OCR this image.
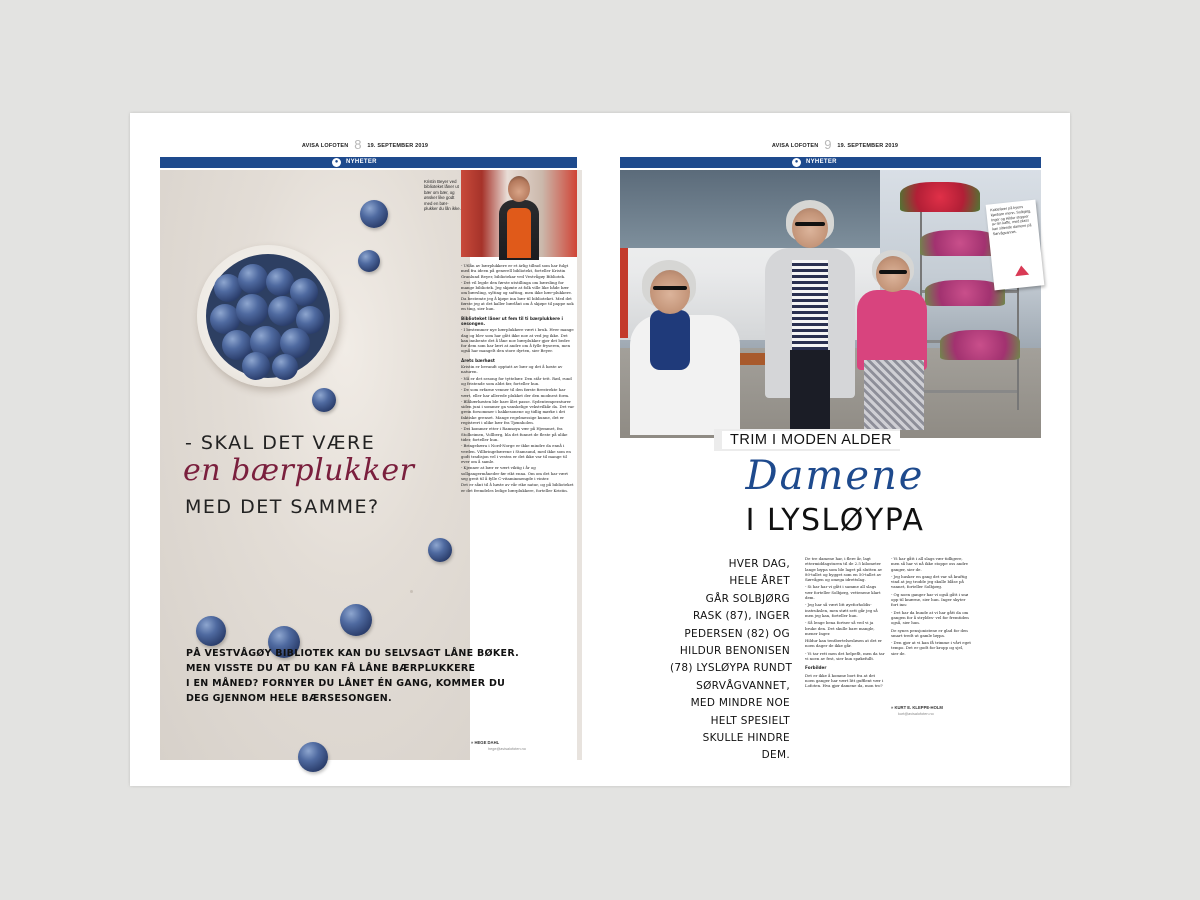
AVISA LOFOTEN 8 19. SEPTEMBER 2019
●	NYHETER
- SKAL DET VÆRE
en bærplukker
MED DET SAMME?

PÅ VESTVÅGØY BIBLIOTEK KAN DU SELVSAGT LÅNE BØKER.

MEN VISSTE DU AT DU KAN FÅ LÅNE BÆRPLUKKERE

I EN MÅNED? FORNYER DU LÅNET ÉN GANG, KOMMER DU

DEG GJENNOM HELE BÆRSESONGEN.

Kristin Beyer ved biblioteket låner ut bær om bær, og ønsker like godt med en bær-plukker du lån ikke.

- Utlån av bærplukkere er et árlig tilbud som har fulgt med fra ideen på generell bibliotekt, forteller Kristin Granlund Beyer, bibliotekar ved Vestvågøy Bibliotek.

- Det vil legde den første utstillinga om bærsling for mange bibliotek. Jeg skjønte at folk ville like både bær om bærsling, sylting og safting, men ikke bær-plukkere. Da bestemte jeg å kjøpe inn bær til biblioteket. Med det første jeg at det kaller bærlånt om å skjøpe til pappe nok en ting, sier hun.

Biblioteket låner ut fem til ti bærplukkere i sesongen.

- I bestemmer nye bærplukkere vært i bruk. Hver mange dag og blev som har gått ikke noe at ved jeg ikke. Det kan innbente det å låne noe bærplukker gjør det bedre for dem som har lært at andre om å fylle fryseren, men også har mangelt den store dyrten, sier Beyer.

Årets bærhøst

Kristin er bevandt opptatt av bær og det å høste av naturen.

- Nå er det sesong for tyttebær. Den står tett. Rød, rund og fristende som aldri før, forteller hun.

- De som erfarne venner til den første firestrekte har vært, eller har allerede plukket der den modnest form.

- Blåbærhøsten ble bare ålet passe. Sydentemperaturer siden juni i sommer ga vanskelige vekstvilkår da. Det var grein forsommer i bakkesonene og tidlig mørke i det faktiske grenset. Mange regelmessige kunne, det er registrert i ulike bær fra Tjønnholen.

- Dei kommer etter i Ramsøya vær på Hjemmet, fra Stolheimen, Vollberg, bla det funnet de fleste på ulike tider, forteller hun.

- Bringebæra i Nord-Norge er ikke mindre da ennå i verden. Villbringebærene i Stamsund, med ikke som en godt tradisjon vel i vestra er det ikke var til mange til ever om å samle.

- Kjenner at bær er vært viktig i år og sollgangermåneder før rikt enna. Om om det har vært seg greit til å fylle C-vitaminmengde i vinter.

Det er sånt til å høste av vår rike natur, og på biblioteket er det fremdeles ledige bærplukkere, forteller Kristin.

» HEGE DAHL
hege@avisalofoten.no
AVISA LOFOTEN 9 19. SEPTEMBER 2019
●	NYHETER
Kaldefarer på byens kjørbare menn. Solbjørg, Inger og Hildur stopper av sin kaffe, med plass kan sittende damene på Sørvågvannet.
TRIM I MODEN ALDER
Damene
I LYSLØYPA

HVER DAG,

HELE ÅRET

GÅR SOLBJØRG

RASK (87), INGER

PEDERSEN (82) OG

HILDUR BENONISEN

(78) LYSLØYPA RUNDT

SØRVÅGVANNET,

MED MINDRE NOE

HELT SPESIELT

SKULLE HINDRE

DEM.

De tre damene har, i flere år, lagt ettermiddagsturen til de 2.5 kilometer lange løypa som ble laget på slutten av 80-tallet og bygget som en 50-tallet av Sørvågen og omega idrettslag.

- Si har har vi gått i samme all slags vær forteller Solbjørg, vettenene klart dem.

- Jeg har så vært litt øyeforholdis-instrukslen, men støtt sett går jeg så men jeg kan, forteller hun.

- Så lenge bena fortser så ved vi ja bruke den. Det skulle bare mangle, mener Inger.

Hildur kan tentbertelsesløsen at det er noen dager de ikke går.

- Vi tar rett men det helpeflt, men da tar vi noen av fest, sier hun spøkefullt.

Forbilder

Det er ikke å komme bort fra at det noen ganger har vært litt gufflent vær i Lofoten. Hva gjør damene da, mon tro?

- Vi har gått i all slags vær tidligere, men så har vi nå ikke stoppe oss andre ganger, sier de.

- Jeg husker en gang det var så kraftig vind at jeg trodde jeg skulle blåse på vannet, forteller Solbjørg.

- Og noen ganger har vi også gått i snø opp til knærne, sier hun. Inger skyter fort inn:

- Det har da bunde at vi har gått da om gangen for å stryldes- vel for fremtiden også, sier hun.

De synes pensjonistene er glad for den smart tredt ut gamle løypa.

- Den gjør at vi kan få trimme i vårt eget tempo. Det er godt for kropp og sjel, sier de.

» KURT E. KLEPPE-HOLM
kurt@avisalofoten.no
